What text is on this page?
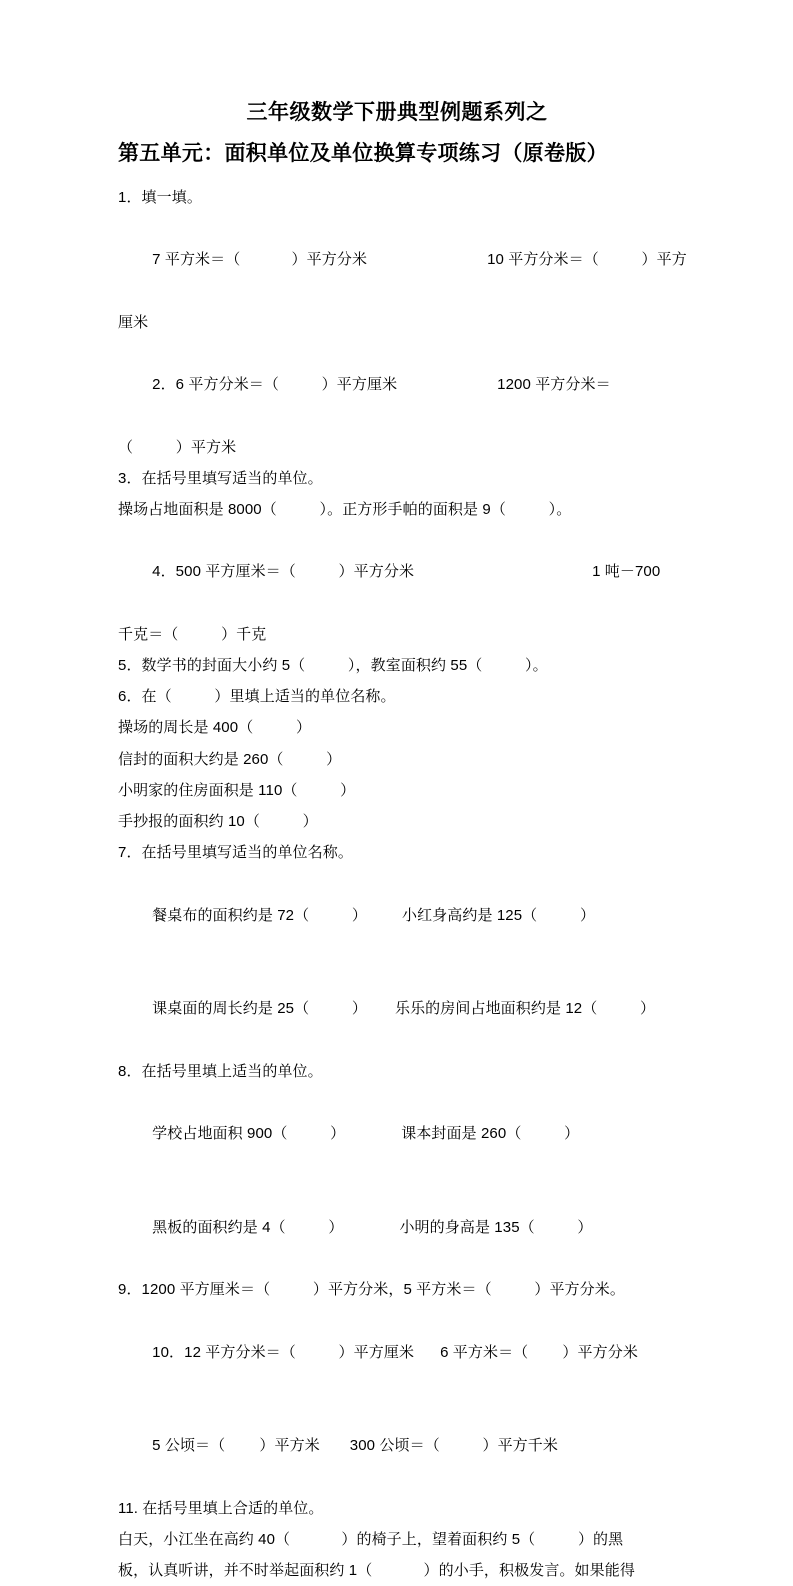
三年级数学下册典型例题系列之
第五单元：面积单位及单位换算专项练习（原卷版）
1．填一填。

7 平方米＝（            ）平方分米	10 平方分米＝（          ）平方

厘米

2．6 平方分米＝（          ）平方厘米	1200 平方分米＝

（          ）平方米
3．在括号里填写适当的单位。
操场占地面积是 8000（          ）。正方形手帕的面积是 9（          ）。

4．500 平方厘米＝（          ）平方分米	1 吨－700

千克＝（          ）千克
5．数学书的封面大小约 5（          ），教室面积约 55（          ）。
6．在（          ）里填上适当的单位名称。
操场的周长是 400（          ）
信封的面积大约是 260（          ）
小明家的住房面积是 110（          ）
手抄报的面积约 10（          ）
7．在括号里填写适当的单位名称。

餐桌布的面积约是 72（          ） 小红身高约是 125（          ）

课桌面的周长约是 25（          ） 乐乐的房间占地面积约是 12（          ）

8．在括号里填上适当的单位。

学校占地面积 900（          ）	课本封面是 260（          ）

黑板的面积约是 4（          ）	小明的身高是 135（          ）

9．1200 平方厘米＝（          ）平方分米，5 平方米＝（          ）平方分米。

10．12 平方分米＝（          ）平方厘米 6 平方米＝（        ）平方分米

5 公顷＝（        ）平方米 300 公顷＝（          ）平方千米

11. 在括号里填上合适的单位。
白天，小江坐在高约 40（            ）的椅子上，望着面积约 5（          ）的黑
板，认真听讲，并不时举起面积约 1（            ）的小手，积极发言。如果能得
